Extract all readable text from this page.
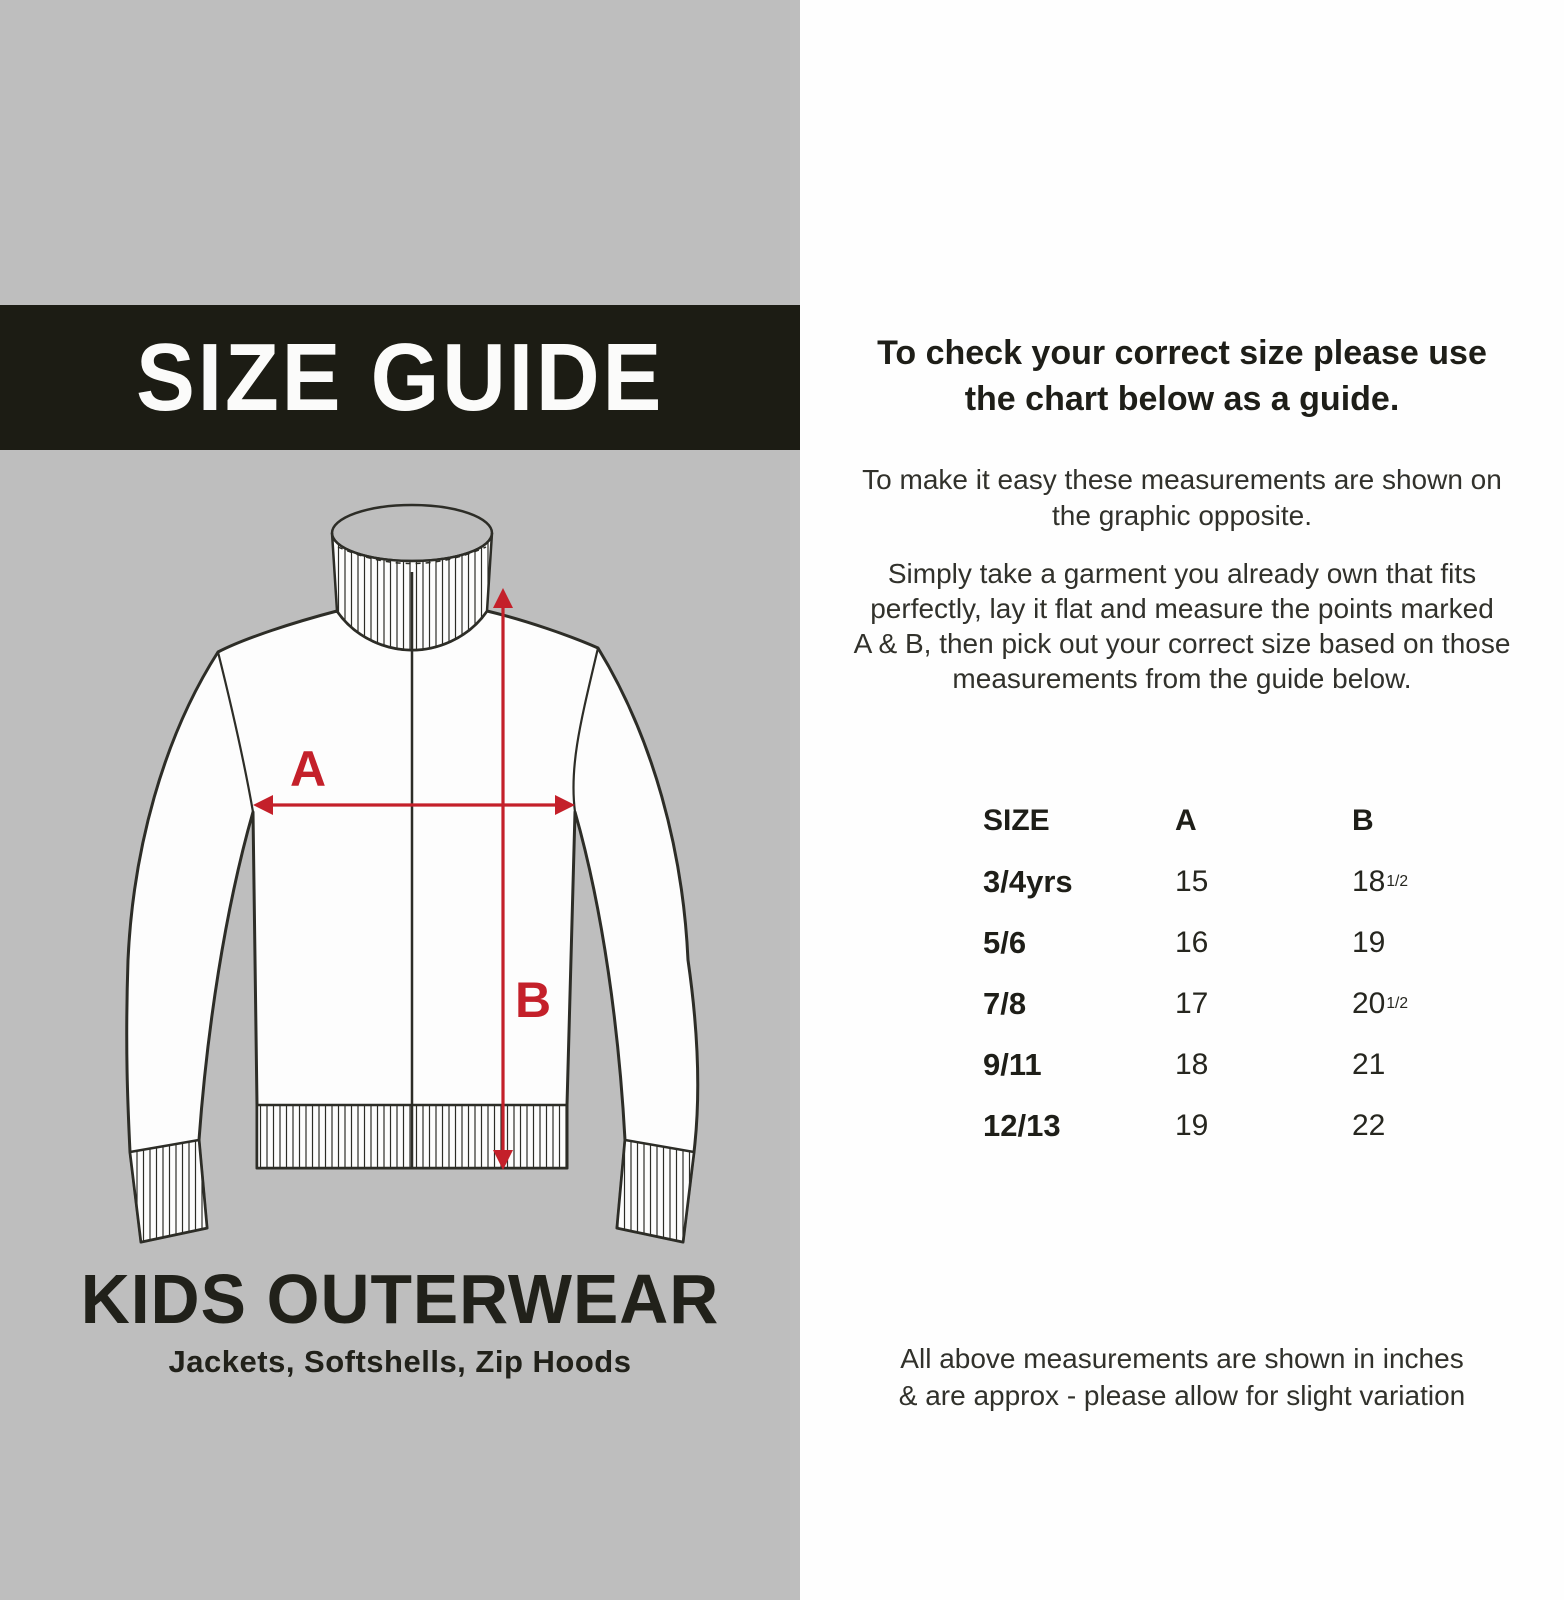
SIZE GUIDE
A
B
KIDS OUTERWEAR
Jackets, Softshells, Zip Hoods
To check your correct size please use
the chart below as a guide.
To make it easy these measurements are shown on
the graphic opposite.
Simply take a garment you already own that fits
perfectly, lay it flat and measure the points marked
A & B, then pick out your correct size based on those
measurements from the guide below.
SIZE	A	B
3/4yrs	15	18 1/2
5/6	16	19
7/8	17	20 1/2
9/11	18	21
12/13	19	22
All above measurements are shown in inches
& are approx - please allow for slight variation
